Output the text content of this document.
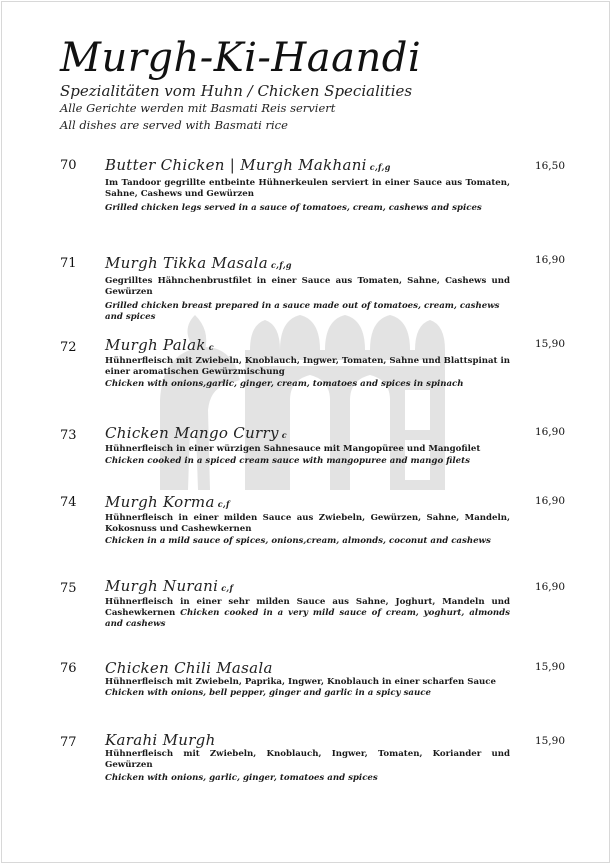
Murgh-Ki-Haandi
Spezialitäten vom Huhn / Chicken Specialities
Alle Gerichte werden mit Basmati Reis serviert
All dishes are served with Basmati rice
70	Butter Chicken | Murgh Makhani c,f,g
Im Tandoor gegrillte entbeinte Hühnerkeulen serviert in einer Sauce aus Tomaten, Sahne, Cashews und Gewürzen
Grilled chicken legs served in a sauce of tomatoes, cream, cashews and spices
16,50
71	Murgh Tikka Masala c,f,g
Gegrilltes Hähnchenbrustfilet in einer Sauce aus Tomaten, Sahne, Cashews und Gewürzen
Grilled chicken breast prepared in a sauce made out of tomatoes, cream, cashews and spices
16,90
72	Murgh Palak c
Hühnerfleisch mit Zwiebeln, Knoblauch, Ingwer, Tomaten, Sahne und Blattspinat in einer aromatischen Gewürzmischung
Chicken with onions,garlic, ginger, cream, tomatoes and spices in spinach
15,90
73	Chicken Mango Curry c
Hühnerfleisch in einer würzigen Sahnesauce mit Mangopüree und Mangofilet
Chicken cooked in a spiced cream sauce with mangopuree and mango filets
16,90
74	Murgh Korma c,f
Hühnerfleisch in einer milden Sauce aus Zwiebeln, Gewürzen, Sahne, Mandeln, Kokosnuss und Cashewkernen
Chicken in a mild sauce of spices, onions,cream, almonds, coconut and cashews
16,90
75	Murgh Nurani c,f
Hühnerfleisch in einer sehr milden Sauce aus Sahne, Joghurt, Mandeln und Cashewkernen Chicken cooked in a very mild sauce of cream, yoghurt, almonds and cashews
16,90
76	Chicken Chili Masala
Hühnerfleisch mit Zwiebeln, Paprika, Ingwer, Knoblauch in einer scharfen Sauce
Chicken with onions, bell pepper, ginger and garlic in a spicy sauce
15,90
77	Karahi Murgh
Hühnerfleisch mit Zwiebeln, Knoblauch, Ingwer, Tomaten, Koriander und Gewürzen
Chicken with onions, garlic, ginger, tomatoes and spices
15,90
